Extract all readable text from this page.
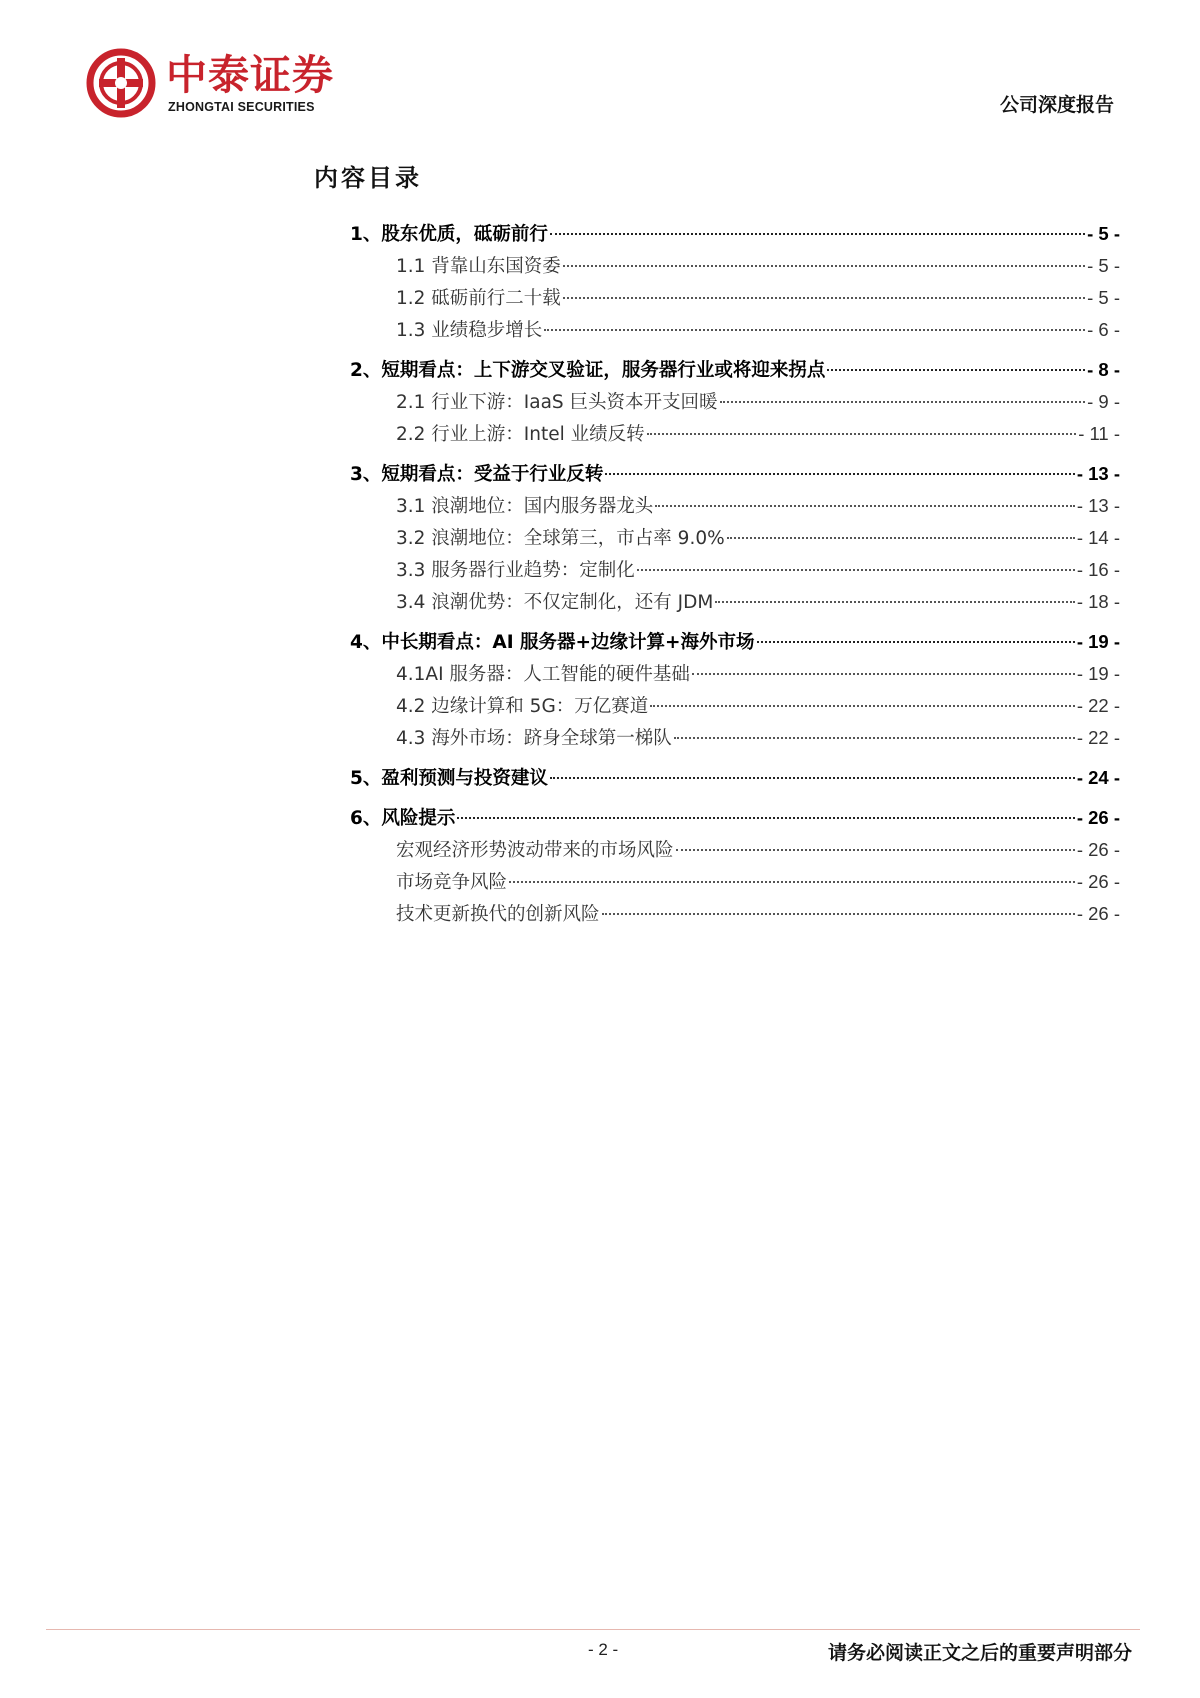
中泰证券
ZHONGTAI SECURITIES	公司深度报告
内容目录
1、股东优质，砥砺前行	- 5 -
1.1 背靠山东国资委	- 5 -
1.2 砥砺前行二十载	- 5 -
1.3 业绩稳步增长	- 6 -
2、短期看点：上下游交叉验证，服务器行业或将迎来拐点	- 8 -
2.1 行业下游：IaaS 巨头资本开支回暖	- 9 -
2.2 行业上游：Intel 业绩反转	- 11 -
3、短期看点：受益于行业反转	- 13 -
3.1 浪潮地位：国内服务器龙头	- 13 -
3.2 浪潮地位：全球第三，市占率 9.0%	- 14 -
3.3 服务器行业趋势：定制化	- 16 -
3.4 浪潮优势：不仅定制化，还有 JDM	- 18 -
4、中长期看点：AI 服务器+边缘计算+海外市场	- 19 -
4.1AI 服务器：人工智能的硬件基础	- 19 -
4.2 边缘计算和 5G：万亿赛道	- 22 -
4.3 海外市场：跻身全球第一梯队	- 22 -
5、盈利预测与投资建议	- 24 -
6、风险提示	- 26 -
宏观经济形势波动带来的市场风险	- 26 -
市场竞争风险	- 26 -
技术更新换代的创新风险	- 26 -
- 2 -	请务必阅读正文之后的重要声明部分
